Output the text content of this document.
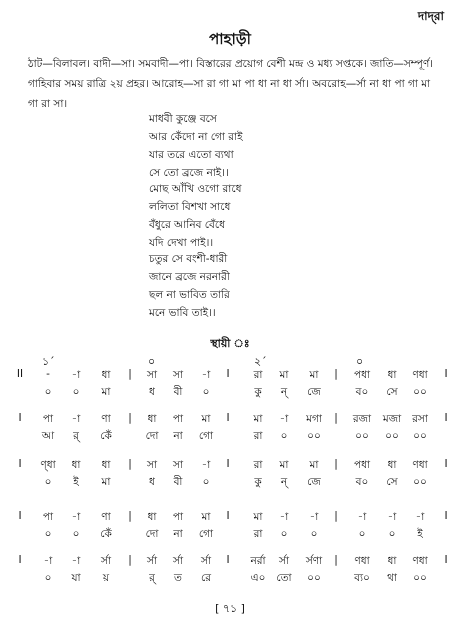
দাদ্‌রা
পাহাড়ী
ঠাট—বিলাবল। বাদী—সা। সমবাদী—পা। বিস্তারের প্রয়োগ বেশী মন্দ্র ও মধ্য সপ্তকে। জাতি—সম্পূর্ণ। গাহিবার সময় রাত্রি ২য় প্রহর। আরোহ—সা রা গা মা পা ধা না ধা র্সা। অবরোহ—র্সা না ধা পা গা মা গা রা সা।
মাধবী কুঞ্জে বসে
আর কেঁদো না গো রাই
যার তরে এতো ব্যথা
সে তো ব্রজে নাই।।
মোছ আঁখি ওগো রাধে
ললিতা বিশখা সাধে
বঁধুরে আনিব বেঁধে
যদি দেখা পাই।।
চতুর সে বংশী-ধারী
জানে ব্রজে নরনারী
ছল না ভাবিত তারি
মনে ভাবি তাই।।
স্থায়ী ঃ
১´	০	২´	০
II - -া ধা | সা সা -া I রা মা মা | পধা ধা ণধা I
০ ০ মা	ধ বী ০	কু ন্‌ জে	ব০ সে ০০
I পা -া ণা | ধা পা মা I মা -া মগা | রজা মজা রসা I
আ র্‌ কেঁ	দো না গো	রা ০ ০০	০০ ০০ ০০
I ণ্ধা ধা ধা | সা সা -া I রা মা মা | পধা ধা ণধা I
০ ই মা	ধ বী ০	কু ন্‌ জে	ব০ সে ০০
I পা -া ণা | ধা পা মা I মা -া -া | -া -া -া I
০ ০ কেঁ	দো না গো	রা ০ ০	০ ০ ই
I -া -া র্সা | র্সা র্সা র্সা I নর্রা র্সা র্সণা | ণধা ধা ণধা I
০ যা য়	র্‌ ত রে	এ০ তো ০০	ব্য০ থা ০০
[ ৭১ ]
